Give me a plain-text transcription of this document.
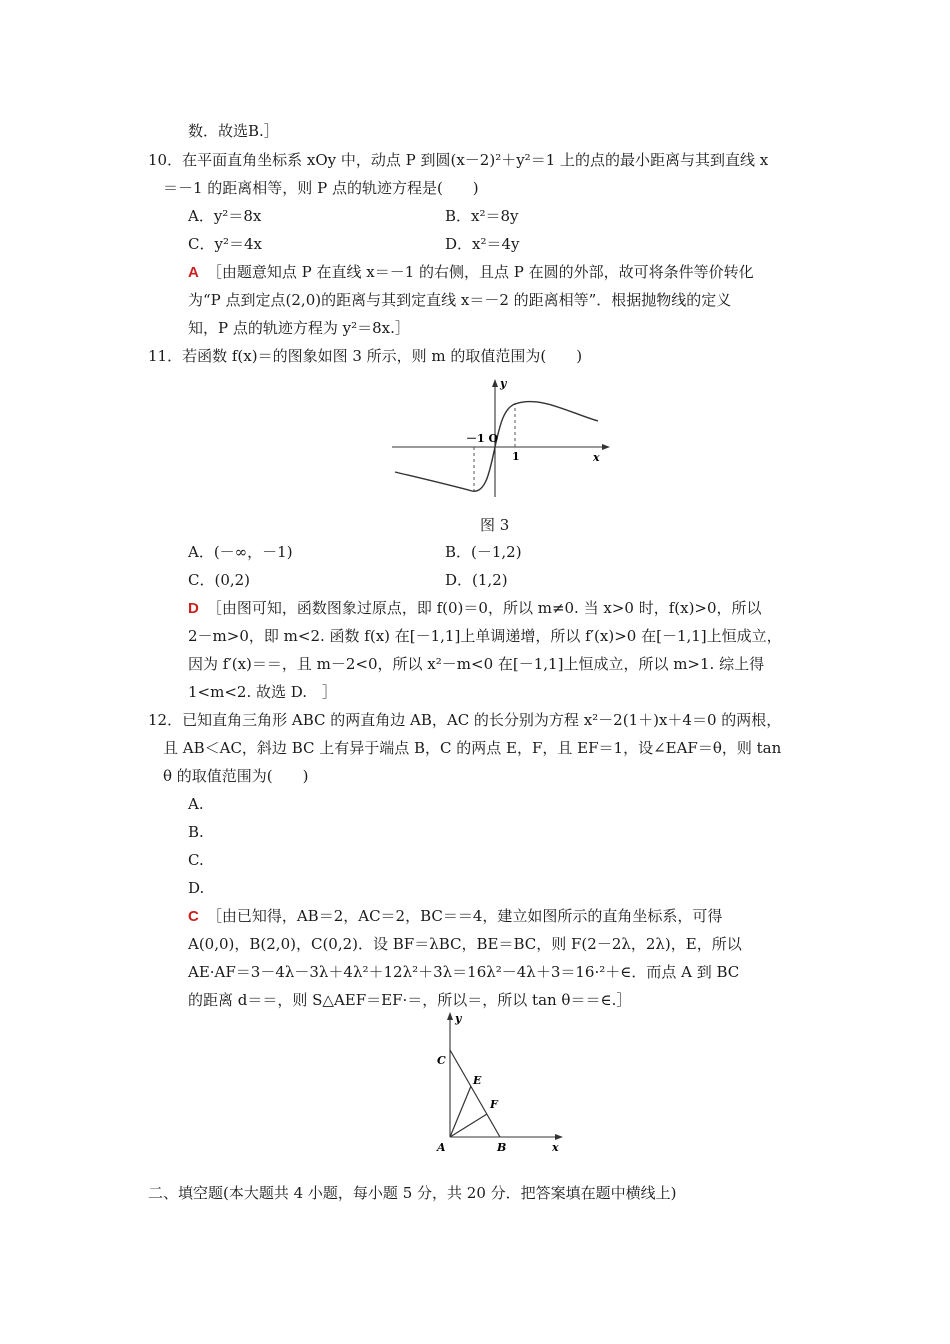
数．故选B.］
10．在平面直角坐标系 xOy 中，动点 P 到圆(x－2)²＋y²＝1 上的点的最小距离与其到直线 x
＝－1 的距离相等，则 P 点的轨迹方程是(　　)
A．y²＝8x	B．x²＝8y
C．y²＝4x	D．x²＝4y
A ［由题意知点 P 在直线 x＝－1 的右侧，且点 P 在圆的外部，故可将条件等价转化
为“P 点到定点(2,0)的距离与其到定直线 x＝－2 的距离相等”．根据抛物线的定义
知，P 点的轨迹方程为 y²＝8x.］
11．若函数 f(x)＝的图象如图 3 所示，则 m 的取值范围为(　　)
y
x
－1 O
1
图 3
A．(－∞，－1)	B．(－1,2)
C．(0,2)	D．(1,2)
D ［由图可知，函数图象过原点，即 f(0)＝0，所以 m≠0. 当 x>0 时，f(x)>0，所以
2－m>0，即 m<2. 函数 f(x) 在[－1,1]上单调递增，所以 f′(x)>0 在[－1,1]上恒成立，
因为 f′(x)＝＝，且 m－2<0，所以 x²－m<0 在[－1,1]上恒成立，所以 m>1. 综上得
1<m<2. 故选 D.　］
12．已知直角三角形 ABC 的两直角边 AB，AC 的长分别为方程 x²－2(1＋)x＋4＝0 的两根，
且 AB＜AC，斜边 BC 上有异于端点 B，C 的两点 E，F，且 EF＝1，设∠EAF＝θ，则 tan
θ 的取值范围为(　　)
A.
B.
C.
D.
C ［由已知得，AB＝2，AC＝2，BC＝＝4，建立如图所示的直角坐标系，可得
A(0,0)，B(2,0)，C(0,2)．设 BF＝λBC，BE＝BC，则 F(2－2λ，2λ)，E，所以
AE·AF＝3－4λ－3λ＋4λ²＋12λ²＋3λ＝16λ²－4λ＋3＝16·²＋∈．而点 A 到 BC
的距离 d＝＝，则 S△AEF＝EF·＝，所以＝，所以 tan θ＝＝∈.］
y
x
C
E
F
A	B
二、填空题(本大题共 4 小题，每小题 5 分，共 20 分．把答案填在题中横线上)
